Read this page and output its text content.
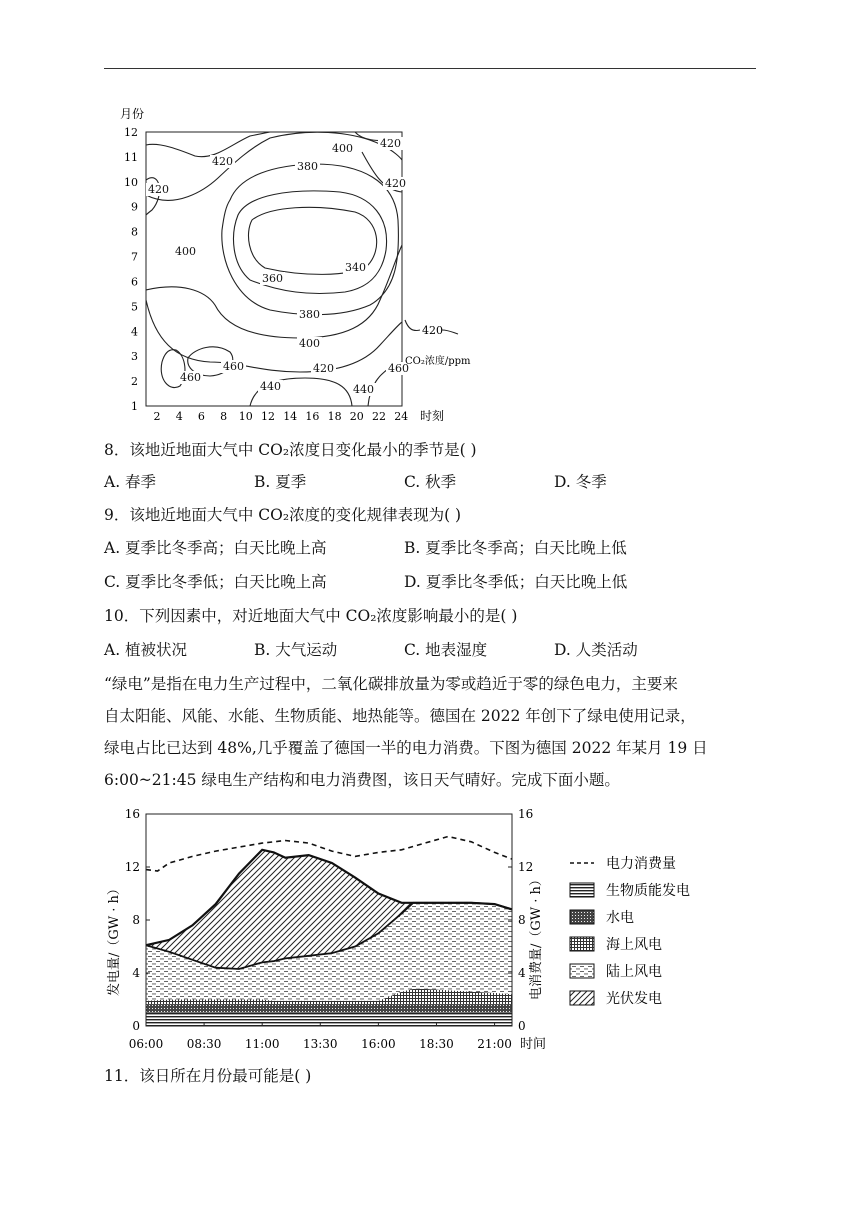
月份
1
2
3
4
5
6
7
8
9
10
11
12
2 4 6 8 10 12 14 16 18 20 22 24
420
400 420
380
420	420
400
340
360
380
400
420
460
460
440	440
460
420
CO₂浓度/ppm
时刻
8．该地近地面大气中 CO₂浓度日变化最小的季节是( )
A. 春季	B. 夏季	C. 秋季	D. 冬季
9．该地近地面大气中 CO₂浓度的变化规律表现为( )
A. 夏季比冬季高；白天比晚上高	B. 夏季比冬季高；白天比晚上低
C. 夏季比冬季低；白天比晚上高	D. 夏季比冬季低；白天比晚上低
10．下列因素中，对近地面大气中 CO₂浓度影响最小的是( )
A. 植被状况	B. 大气运动	C. 地表湿度	D. 人类活动

“绿电”是指在电力生产过程中，二氧化碳排放量为零或趋近于零的绿色电力，主要来

自太阳能、风能、水能、生物质能、地热能等。德国在 2022 年创下了绿电使用记录，

绿电占比已达到 48%,几乎覆盖了德国一半的电力消费。下图为德国 2022 年某月 19 日

6:00~21:45 绿电生产结构和电力消费图，该日天气晴好。完成下面小题。

0
4
8
12
16
0
4
8
12
16
06:00 08:30 11:00 13:30 16:00 18:30 21:00 时间
发电量/（GW · h）	电消费量/（GW · h）
电力消费量
生物质能发电
水电
海上风电
陆上风电
光伏发电
11．该日所在月份最可能是( )
